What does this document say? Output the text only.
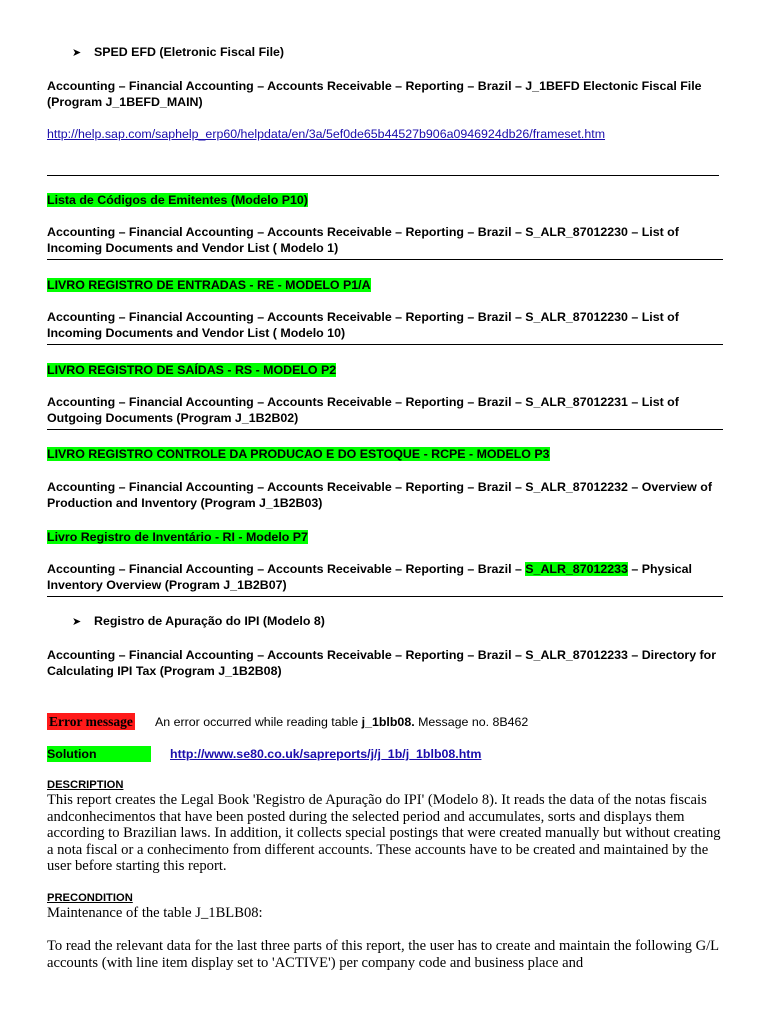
➤ SPED EFD (Eletronic Fiscal File)
Accounting – Financial Accounting – Accounts Receivable – Reporting – Brazil – J_1BEFD Electonic Fiscal File (Program J_1BEFD_MAIN)
http://help.sap.com/saphelp_erp60/helpdata/en/3a/5ef0de65b44527b906a0946924db26/frameset.htm
Lista de Códigos de Emitentes (Modelo P10)
Accounting – Financial Accounting – Accounts Receivable – Reporting – Brazil – S_ALR_87012230 – List of Incoming Documents and Vendor List ( Modelo 1)
LIVRO REGISTRO DE ENTRADAS - RE - MODELO P1/A
Accounting – Financial Accounting – Accounts Receivable – Reporting – Brazil – S_ALR_87012230 – List of Incoming Documents and Vendor List ( Modelo 10)
LIVRO REGISTRO DE SAÍDAS - RS - MODELO P2
Accounting – Financial Accounting – Accounts Receivable – Reporting – Brazil – S_ALR_87012231 – List of Outgoing Documents (Program J_1B2B02)
LIVRO REGISTRO CONTROLE DA PRODUCAO E DO ESTOQUE - RCPE - MODELO P3
Accounting – Financial Accounting – Accounts Receivable – Reporting – Brazil – S_ALR_87012232 – Overview of Production and Inventory (Program J_1B2B03)
Livro Registro de Inventário - RI - Modelo P7
Accounting – Financial Accounting – Accounts Receivable – Reporting – Brazil – S_ALR_87012233 – Physical Inventory Overview (Program J_1B2B07)
➤ Registro de Apuração do IPI (Modelo 8)
Accounting – Financial Accounting – Accounts Receivable – Reporting – Brazil – S_ALR_87012233 – Directory for Calculating IPI Tax (Program J_1B2B08)
Error message An error occurred while reading table j_1blb08. Message no. 8B462
Solution	http://www.se80.co.uk/sapreports/j/j_1b/j_1blb08.htm
DESCRIPTION
This report creates the Legal Book 'Registro de Apuração do IPI' (Modelo 8). It reads the data of the notas fiscais andconhecimentos that have been posted during the selected period and accumulates, sorts and displays them according to Brazilian laws. In addition, it collects special postings that were created manually but without creating a nota fiscal or a conhecimento from different accounts. These accounts have to be created and maintained by the user before starting this report.
PRECONDITION
Maintenance of the table J_1BLB08:
To read the relevant data for the last three parts of this report, the user has to create and maintain the following G/L accounts (with line item display set to 'ACTIVE') per company code and business place and
